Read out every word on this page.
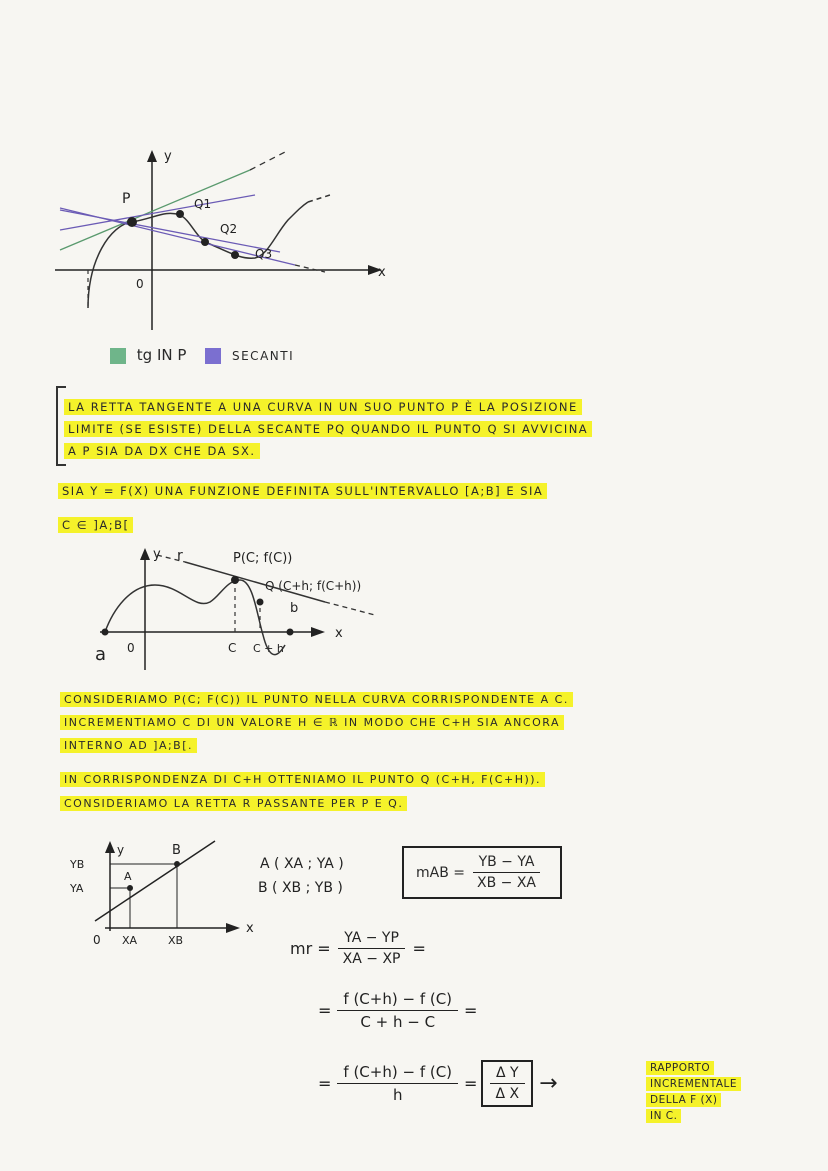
y
x
0
P	Q1
Q2
Q3
tg IN P	SECANTI
LA RETTA TANGENTE A UNA CURVA IN UN SUO PUNTO P È LA POSIZIONE
LIMITE (SE ESISTE) DELLA SECANTE PQ QUANDO IL PUNTO Q SI AVVICINA
A P SIA DA DX CHE DA SX.
SIA Y = F(X) UNA FUNZIONE DEFINITA SULL'INTERVALLO [A;B] E SIA
C ∈ ]A;B[
y
x
r	P(C; f(C))
Q (C+h; f(C+h))
b
a 0	C C + h
CONSIDERIAMO P(C; F(C)) IL PUNTO NELLA CURVA CORRISPONDENTE A C.
INCREMENTIAMO C DI UN VALORE H ∈ ℝ IN MODO CHE C+H SIA ANCORA
INTERNO AD ]A;B[.
IN CORRISPONDENZA DI C+H OTTENIAMO IL PUNTO Q (C+H, F(C+H)).
CONSIDERIAMO LA RETTA R PASSANTE PER P E Q.
y
x
0
A
B
YB
YA
XA	XB
A ( XA ; YA )
B ( XB ; YB )
mAB = $\frac{YB - YA}{XB - XA}$
mr = $\frac{YA - YP}{XA - XP}$ =
= $\frac{f (C+h) - f (C)}{C + h - C}$ =
= $\frac{f (C+h) - f (C)}{h} = \frac{\text{Δ Y}}{\text{Δ X}}$ →
RAPPORTO
INCREMENTALE
DELLA F (X)
IN C.
